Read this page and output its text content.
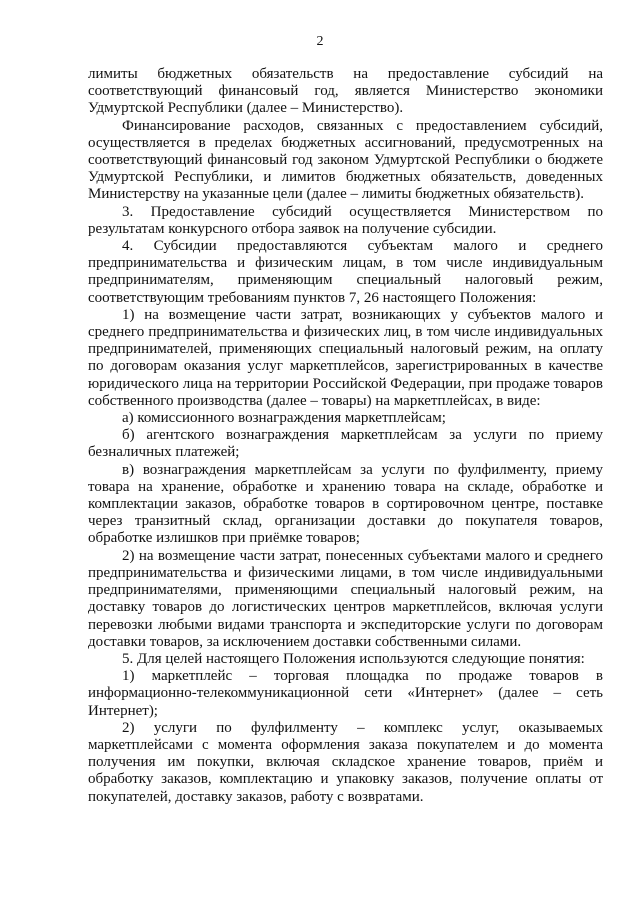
2

лимиты бюджетных обязательств на предоставление субсидий на соответствующий финансовый год, является Министерство экономики Удмуртской Республики (далее – Министерство).

Финансирование расходов, связанных с предоставлением субсидий, осуществляется в пределах бюджетных ассигнований, предусмотренных на соответствующий финансовый год законом Удмуртской Республики о бюджете Удмуртской Республики, и лимитов бюджетных обязательств, доведенных Министерству на указанные цели (далее – лимиты бюджетных обязательств).

3. Предоставление субсидий осуществляется Министерством по результатам конкурсного отбора заявок на получение субсидии.

4. Субсидии предоставляются субъектам малого и среднего предпринимательства и физическим лицам, в том числе индивидуальным предпринимателям, применяющим специальный налоговый режим, соответствующим требованиям пунктов 7, 26 настоящего Положения:

1) на возмещение части затрат, возникающих у субъектов малого и среднего предпринимательства и физических лиц, в том числе индивидуальных предпринимателей, применяющих специальный налоговый режим, на оплату по договорам оказания услуг маркетплейсов, зарегистрированных в качестве юридического лица на территории Российской Федерации, при продаже товаров собственного производства (далее – товары) на маркетплейсах, в виде:

а) комиссионного вознаграждения маркетплейсам;

б) агентского вознаграждения маркетплейсам за услуги по приему безналичных платежей;

в) вознаграждения маркетплейсам за услуги по фулфилменту, приему товара на хранение, обработке и хранению товара на складе, обработке и комплектации заказов, обработке товаров в сортировочном центре, поставке через транзитный склад, организации доставки до покупателя товаров, обработке излишков при приёмке товаров;

2) на возмещение части затрат, понесенных субъектами малого и среднего предпринимательства и физическими лицами, в том числе индивидуальными предпринимателями, применяющими специальный налоговый режим, на доставку товаров до логистических центров маркетплейсов, включая услуги перевозки любыми видами транспорта и экспедиторские услуги по договорам доставки товаров, за исключением доставки собственными силами.

5. Для целей настоящего Положения используются следующие понятия:

1) маркетплейс – торговая площадка по продаже товаров в информационно-телекоммуникационной сети «Интернет» (далее – сеть Интернет);

2) услуги по фулфилменту – комплекс услуг, оказываемых маркетплейсами с момента оформления заказа покупателем и до момента получения им покупки, включая складское хранение товаров, приём и обработку заказов, комплектацию и упаковку заказов, получение оплаты от покупателей, доставку заказов, работу с возвратами.
